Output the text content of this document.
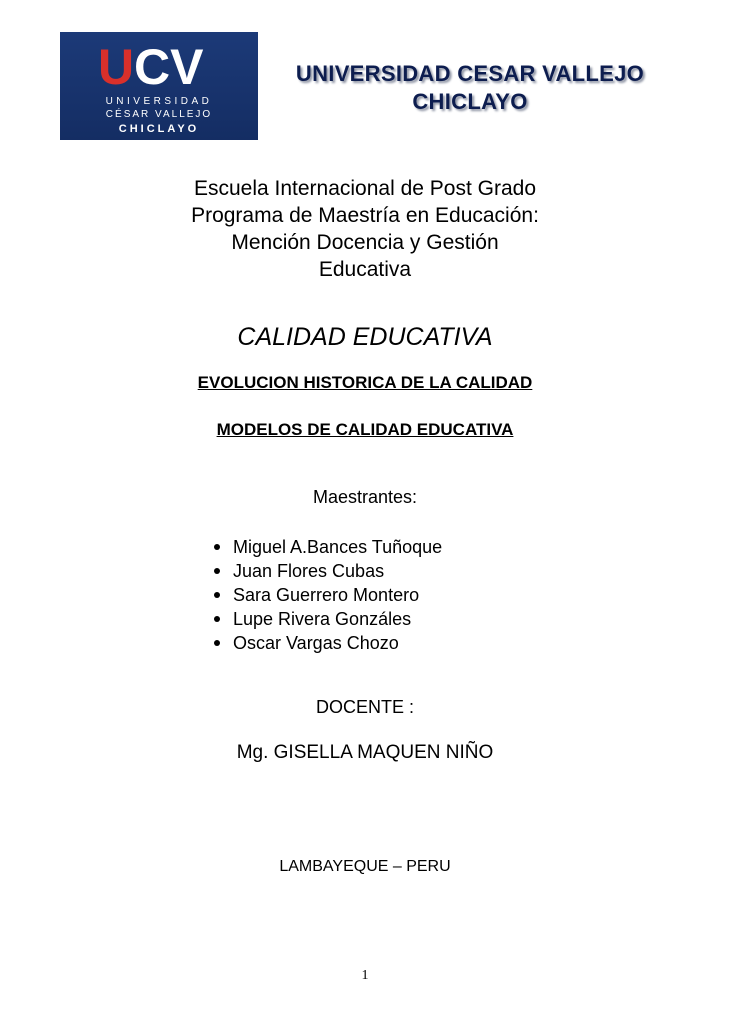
U CV
UNIVERSIDAD
CÉSAR VALLEJO
CHICLAYO
UNIVERSIDAD CESAR VALLEJO
CHICLAYO
Escuela Internacional de Post Grado
Programa de Maestría en Educación:
Mención Docencia y Gestión
Educativa
CALIDAD EDUCATIVA
EVOLUCION HISTORICA DE LA CALIDAD
MODELOS DE CALIDAD EDUCATIVA
Maestrantes:
Miguel A.Bances Tuñoque
Juan Flores Cubas
Sara Guerrero Montero
Lupe Rivera Gonzáles
Oscar Vargas Chozo
DOCENTE :
Mg. GISELLA MAQUEN NIÑO
LAMBAYEQUE – PERU
1
